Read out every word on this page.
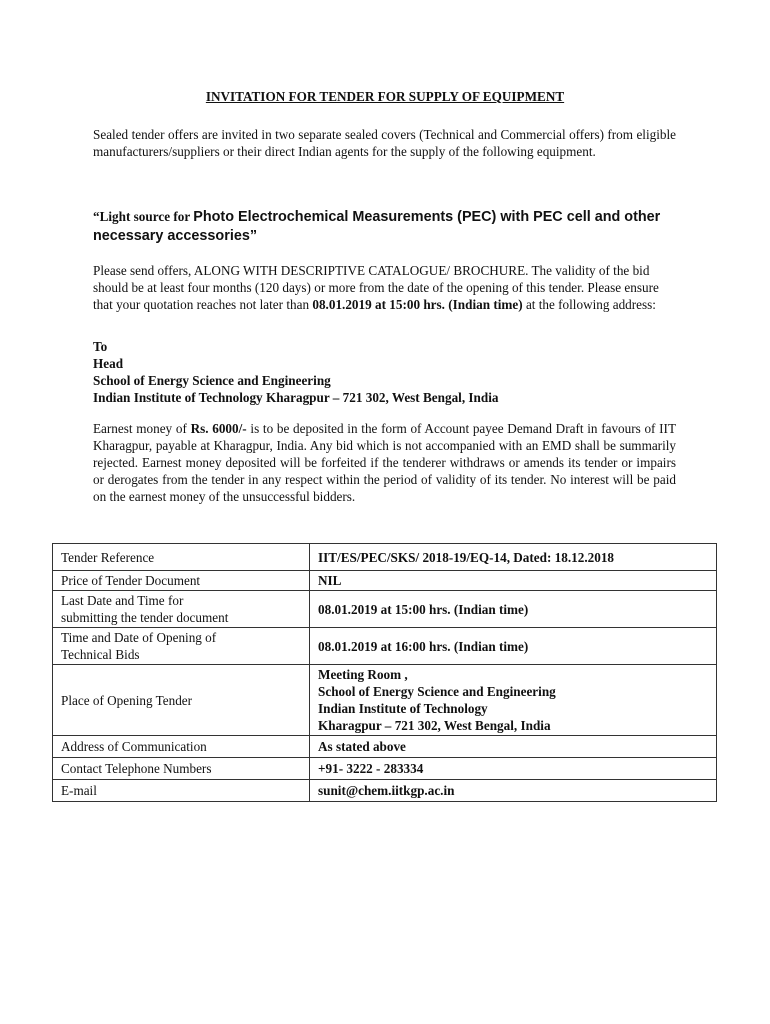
INVITATION FOR TENDER FOR SUPPLY OF EQUIPMENT
Sealed tender offers are invited in two separate sealed covers (Technical and Commercial offers) from eligible manufacturers/suppliers or their direct Indian agents for the supply of the following equipment.
“Light source for Photo Electrochemical Measurements (PEC) with PEC cell and other necessary accessories”
Please send offers, ALONG WITH DESCRIPTIVE CATALOGUE/ BROCHURE. The validity of the bid should be at least four months (120 days) or more from the date of the opening of this tender. Please ensure that your quotation reaches not later than 08.01.2019 at 15:00 hrs. (Indian time) at the following address:
To
Head
School of Energy Science and Engineering
Indian Institute of Technology Kharagpur – 721 302, West Bengal, India
Earnest money of Rs. 6000/- is to be deposited in the form of Account payee Demand Draft in favours of IIT Kharagpur, payable at Kharagpur, India. Any bid which is not accompanied with an EMD shall be summarily rejected. Earnest money deposited will be forfeited if the tenderer withdraws or amends its tender or impairs or derogates from the tender in any respect within the period of validity of its tender. No interest will be paid on the earnest money of the unsuccessful bidders.
Tender Reference	IIT/ES/PEC/SKS/ 2018-19/EQ-14, Dated: 18.12.2018
Price of Tender Document	NIL

Last Date and Time for
submitting the tender document	08.01.2019 at 15:00 hrs. (Indian time)

Time and Date of Opening of
Technical Bids	08.01.2019 at 16:00 hrs. (Indian time)
Place of Opening Tender	Meeting Room ,
School of Energy Science and Engineering
Indian Institute of Technology
Kharagpur – 721 302, West Bengal, India

Address of Communication	As stated above
Contact Telephone Numbers	+91- 3222 - 283334
E-mail	sunit@chem.iitkgp.ac.in
